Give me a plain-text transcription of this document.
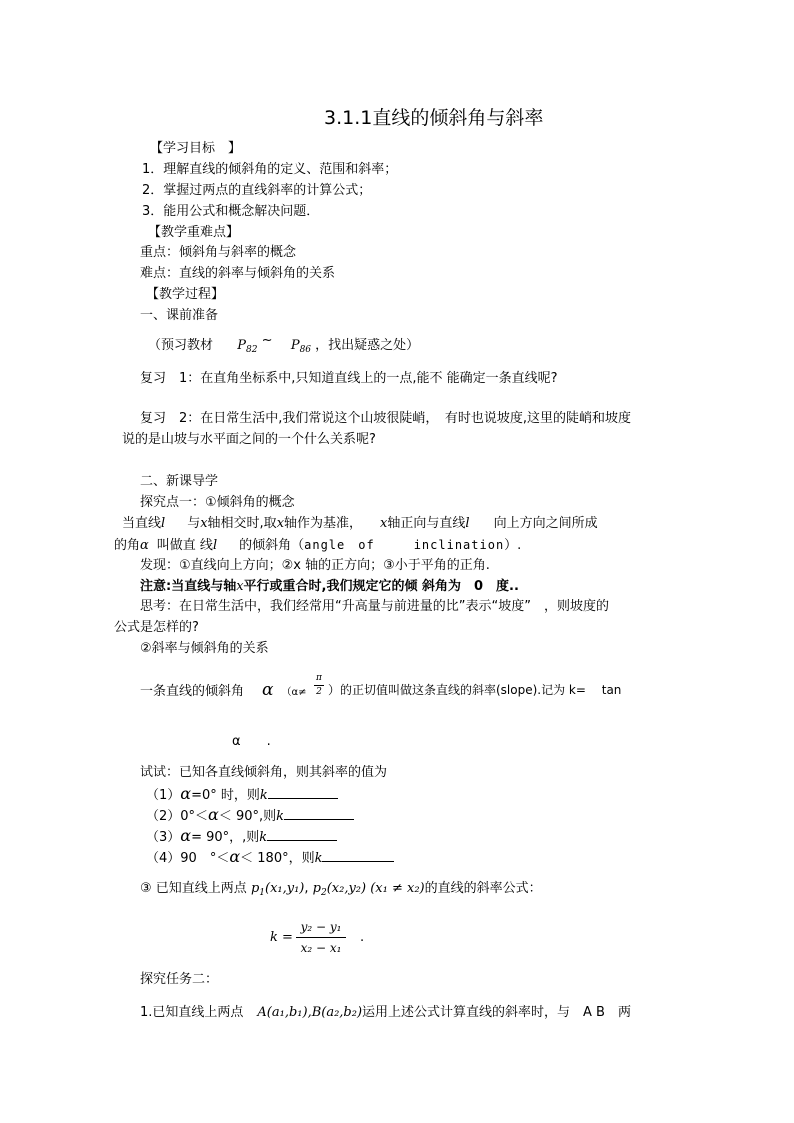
3.1.1直线的倾斜角与斜率
【学习目标　】
1．理解直线的倾斜角的定义、范围和斜率；
2．掌握过两点的直线斜率的计算公式；
3．能用公式和概念解决问题．
【教学重难点】
重点：倾斜角与斜率的概念
难点：直线的斜率与倾斜角的关系
【教学过程】
一、课前准备
（预习教材 $P_{82}$ ~ $P_{86}$ ，找出疑惑之处）
复习　1：在直角坐标系中,只知道直线上的一点,能不 能确定一条直线呢?
复习　2：在日常生活中,我们常说这个山坡很陡峭，　有时也说坡度,这里的陡峭和坡度
说的是山坡与水平面之间的一个什么关系呢?
二、新课导学
探究点一：①倾斜角的概念
当直线l 与x轴相交时,取x轴作为基准， x轴正向与直线l 向上方向之间所成
的角α 叫做直 线l 的倾斜角（angle　of　　　inclination）.
发现：①直线向上方向；②x 轴的正方向；③小于平角的正角.
注意:当直线与轴x平行或重合时,我们规定它的倾 斜角为　0　度..
思考：在日常生活中，我们经常用“升高量与前进量的比”表示“坡度”　，则坡度的
公式是怎样的?
②斜率与倾斜角的关系
一条直线的倾斜角 α （α≠
π
2 ）的正切值叫做这条直线的斜率(slope).记为 k=　 tan
α　　.
试试：已知各直线倾斜角，则其斜率的值为
（1）α=0° 时，则k
（2）0°＜α＜ 90°,则k
（3）α= 90°，,则k
（4）90　°＜α＜ 180°，则k
③ 已知直线上两点 $p_1(x_1,y_1)$, $p_2(x_2,y_2) (x_1 \ne x_2)$的直线的斜率公式：
k =
y₂ − y₁
x₂ − x₁
.
探究任务二：
1.已知直线上两点 A(a₁,b₁),B(a₂,b₂)运用上述公式计算直线的斜率时，与　A B　两
